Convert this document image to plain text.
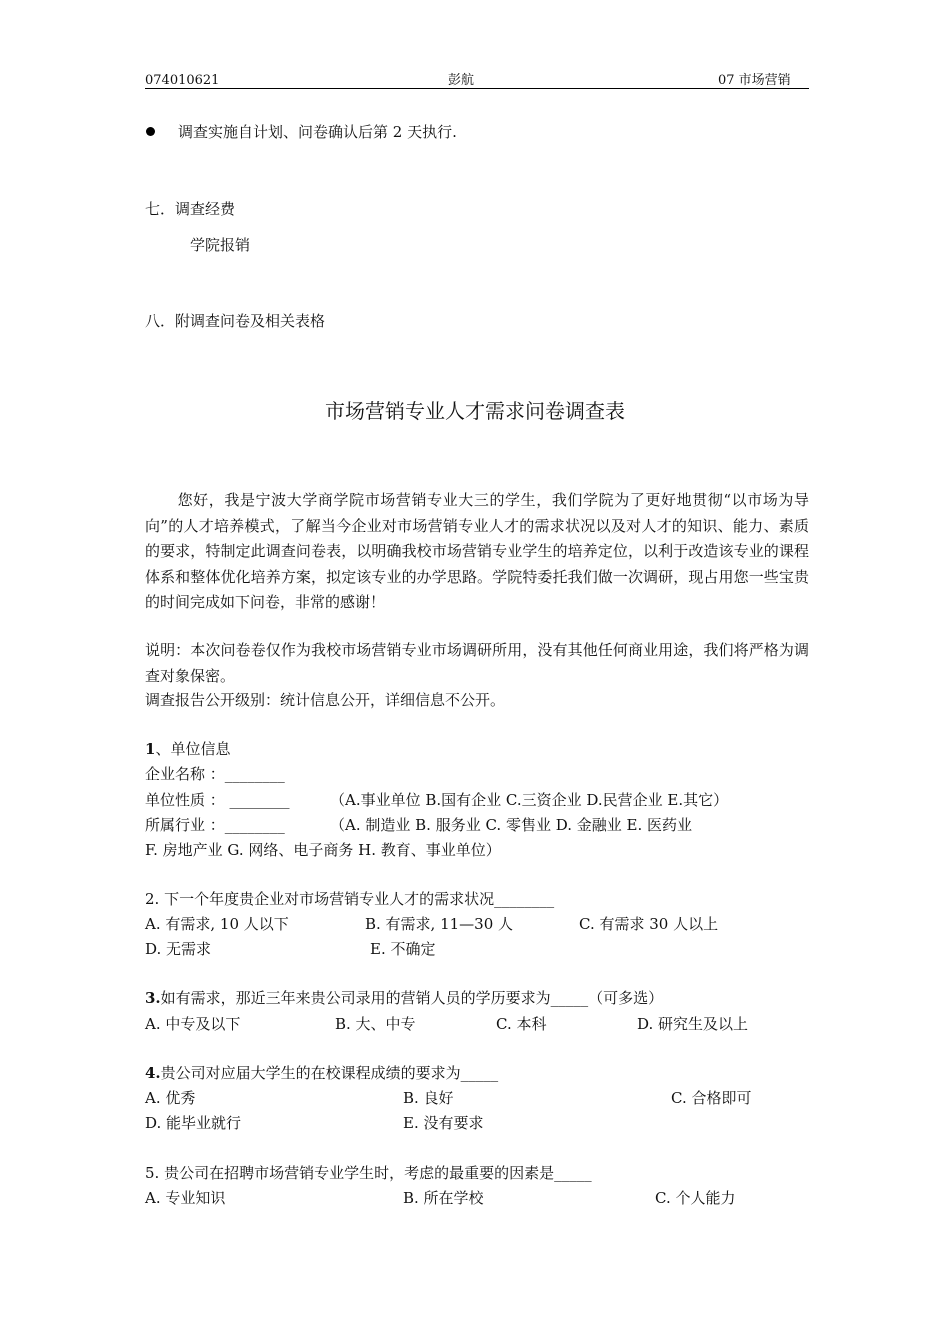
074010621	彭航	07 市场营销
调查实施自计划、问卷确认后第 2 天执行.
七．调查经费
学院报销
八．附调查问卷及相关表格
市场营销专业人才需求问卷调查表
您好，我是宁波大学商学院市场营销专业大三的学生，我们学院为了更好地贯彻“以市场为导向”的人才培养模式，了解当今企业对市场营销专业人才的需求状况以及对人才的知识、能力、素质的要求，特制定此调查问卷表，以明确我校市场营销专业学生的培养定位，以利于改造该专业的课程体系和整体优化培养方案，拟定该专业的办学思路。学院特委托我们做一次调研，现占用您一些宝贵的时间完成如下问卷，非常的感谢！
说明：本次问卷卷仅作为我校市场营销专业市场调研所用，没有其他任何商业用途，我们将严格为调查对象保密。
调查报告公开级别：统计信息公开，详细信息不公开。
1、单位信息
企业名称 ：________
单位性质 ： ________	（A.事业单位 B.国有企业 C.三资企业 D.民营企业 E.其它）
所属行业 ：________	（A. 制造业 B. 服务业 C. 零售业 D. 金融业 E. 医药业
F. 房地产业 G. 网络、电子商务 H. 教育、事业单位）
2. 下一个年度贵企业对市场营销专业人才的需求状况________
A. 有需求, 10 人以下	B. 有需求, 11—30 人	C. 有需求 30 人以上
D. 无需求	E. 不确定
3.如有需求，那近三年来贵公司录用的营销人员的学历要求为_____（可多选）
A. 中专及以下	B. 大、中专	C. 本科	D. 研究生及以上
4.贵公司对应届大学生的在校课程成绩的要求为_____
A. 优秀	B. 良好	C. 合格即可
D. 能毕业就行	E. 没有要求
5. 贵公司在招聘市场营销专业学生时，考虑的最重要的因素是_____
A. 专业知识	B. 所在学校	C. 个人能力
